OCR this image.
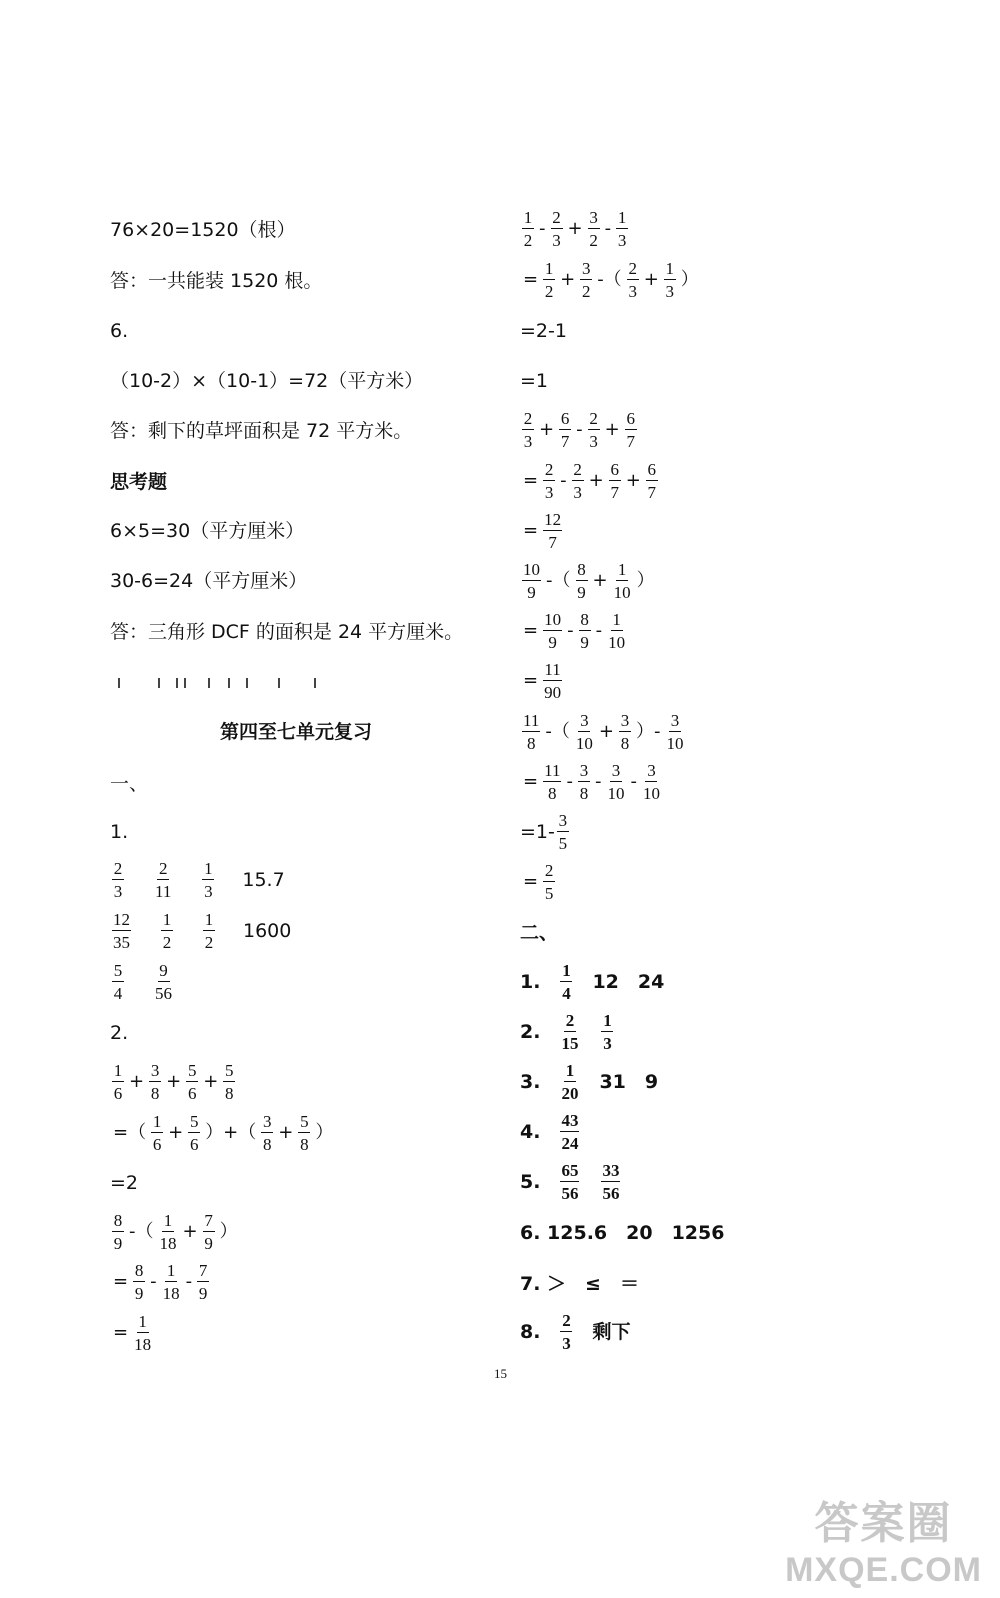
76×20=1520（根）
答：一共能装 1520 根。
6.
（10-2）×（10-1）=72（平方米）
答：剩下的草坪面积是 72 平方米。
思考题
6×5=30（平方厘米）
30-6=24（平方厘米）
答：三角形 DCF 的面积是 24 平方厘米。
第四至七单元复习
一、
1.
$\frac{2}{3} \frac{2}{11} \frac{1}{3} 15.7$
$\frac{12}{35} \frac{1}{2} \frac{1}{2} 1600$
$\frac{5}{4} \frac{9}{56}$
2.
$\frac{1}{6} + \frac{3}{8} + \frac{5}{6} + \frac{5}{8}$
=（ $\frac{1}{6} + \frac{5}{6}$ ）+（ $\frac{3}{8} + \frac{5}{8}$ ）
=2
$\frac{8}{9}$ -（ $\frac{1}{18} + \frac{7}{9}$ ）
= $\frac{8}{9} - \frac{1}{18} - \frac{7}{9}$
= $\frac{1}{18}$
$\frac{1}{2} - \frac{2}{3} + \frac{3}{2} - \frac{1}{3}$
= $\frac{1}{2} + \frac{3}{2}$ -（ $\frac{2}{3} + \frac{1}{3}$ ）
=2-1
=1
$\frac{2}{3} + \frac{6}{7} - \frac{2}{3} + \frac{6}{7}$
= $\frac{2}{3} - \frac{2}{3} + \frac{6}{7} + \frac{6}{7}$
= $\frac{12}{7}$
$\frac{10}{9}$ -（ $\frac{8}{9} + \frac{1}{10}$ ）
= $\frac{10}{9} - \frac{8}{9} - \frac{1}{10}$
= $\frac{11}{90}$
$\frac{11}{8}$ -（ $\frac{3}{10} + \frac{3}{8}$ ）- $\frac{3}{10}$
= $\frac{11}{8} - \frac{3}{8} - \frac{3}{10} - \frac{3}{10}$
$=1- \frac{3}{5}$
= $\frac{2}{5}$
二、
1. $\frac{1}{4} 12$　24
2. $\frac{2}{15} \frac{1}{3}$
3. $\frac{1}{20} 31$　9
4. $\frac{43}{24}$
5. $\frac{65}{56} \frac{33}{56}$
6. 125.6　20　1256
7. ＞　≤　＝
8. $\frac{2}{3}$ 剩下
15
答案圈
MXQE.COM
